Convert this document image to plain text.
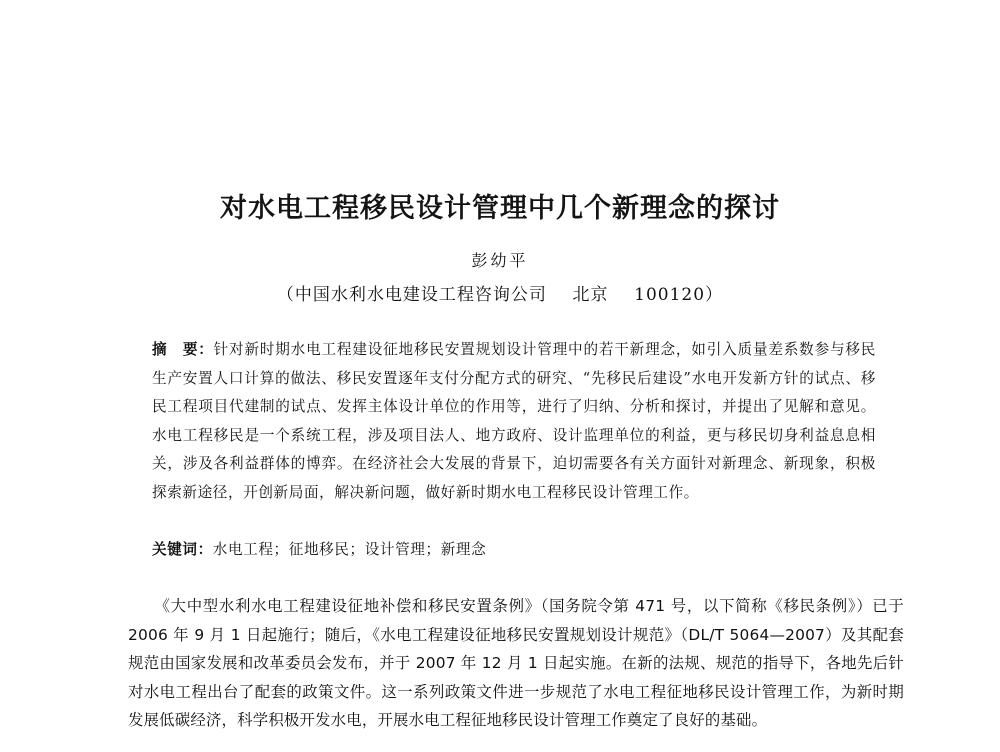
对水电工程移民设计管理中几个新理念的探讨
彭幼平
（中国水利水电建设工程咨询公司 北京 100120）
摘　要：针对新时期水电工程建设征地移民安置规划设计管理中的若干新理念，如引入质量差系数参与移民生产安置人口计算的做法、移民安置逐年支付分配方式的研究、“先移民后建设”水电开发新方针的试点、移民工程项目代建制的试点、发挥主体设计单位的作用等，进行了归纳、分析和探讨，并提出了见解和意见。水电工程移民是一个系统工程，涉及项目法人、地方政府、设计监理单位的利益，更与移民切身利益息息相关，涉及各利益群体的博弈。在经济社会大发展的背景下，迫切需要各有关方面针对新理念、新现象，积极探索新途径，开创新局面，解决新问题，做好新时期水电工程移民设计管理工作。
关键词：水电工程；征地移民；设计管理；新理念
《大中型水利水电工程建设征地补偿和移民安置条例》（国务院令第 471 号，以下简称《移民条例》）已于 2006 年 9 月 1 日起施行；随后，《水电工程建设征地移民安置规划设计规范》（DL/T 5064—2007）及其配套规范由国家发展和改革委员会发布，并于 2007 年 12 月 1 日起实施。在新的法规、规范的指导下，各地先后针对水电工程出台了配套的政策文件。这一系列政策文件进一步规范了水电工程征地移民设计管理工作，为新时期发展低碳经济，科学积极开发水电，开展水电工程征地移民设计管理工作奠定了良好的基础。
